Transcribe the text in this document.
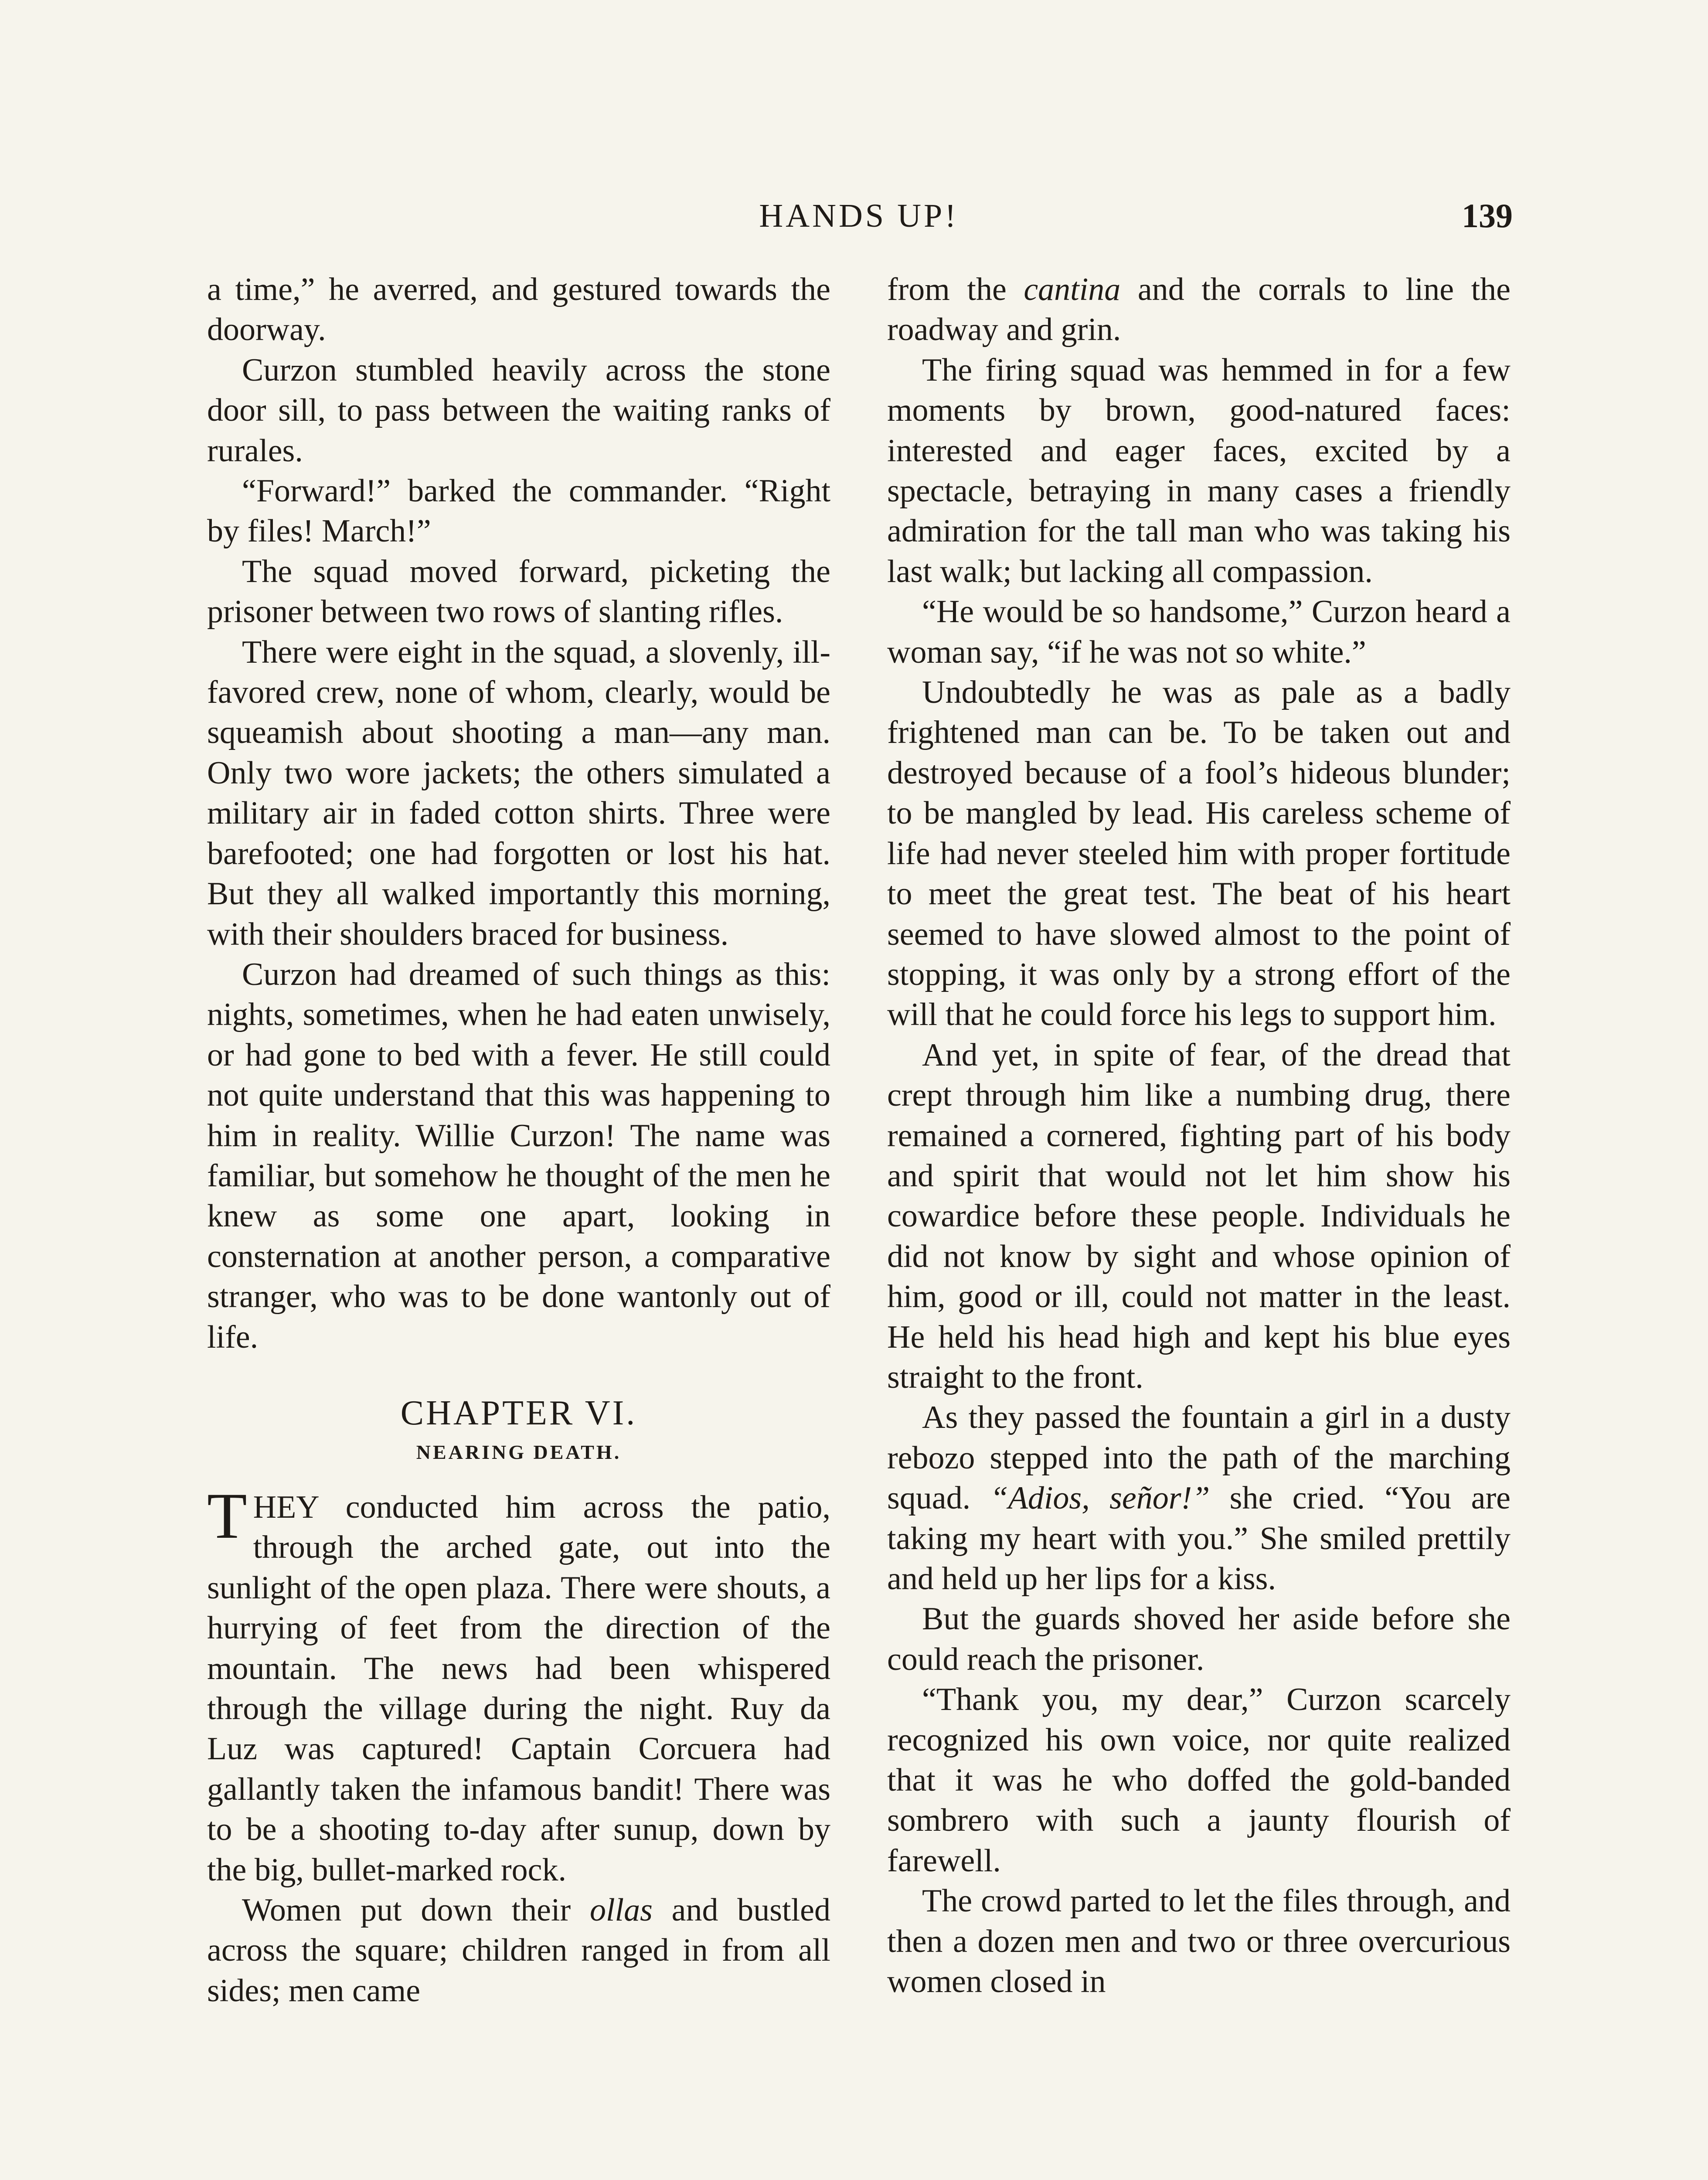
HANDS UP!	139

a time,” he averred, and gestured towards the doorway.

Curzon stumbled heavily across the stone door sill, to pass between the waiting ranks of rurales.

“Forward!” barked the commander. “Right by files! March!”

The squad moved forward, picketing the prisoner between two rows of slanting rifles.

There were eight in the squad, a slovenly, ill-favored crew, none of whom, clearly, would be squeamish about shooting a man—any man. Only two wore jackets; the others simulated a military air in faded cotton shirts. Three were barefooted; one had forgotten or lost his hat. But they all walked importantly this morning, with their shoulders braced for business.

Curzon had dreamed of such things as this: nights, sometimes, when he had eaten unwisely, or had gone to bed with a fever. He still could not quite understand that this was happening to him in reality. Willie Curzon! The name was familiar, but somehow he thought of the men he knew as some one apart, looking in consternation at another person, a comparative stranger, who was to be done wantonly out of life.

CHAPTER VI.
NEARING DEATH.

THEY conducted him across the patio, through the arched gate, out into the sunlight of the open plaza. There were shouts, a hurrying of feet from the direction of the mountain. The news had been whispered through the village during the night. Ruy da Luz was captured! Captain Corcuera had gallantly taken the infamous bandit! There was to be a shooting to-day after sunup, down by the big, bullet-marked rock.

Women put down their ollas and bustled across the square; children ranged in from all sides; men came

from the cantina and the corrals to line the roadway and grin.

The firing squad was hemmed in for a few moments by brown, good-natured faces: interested and eager faces, excited by a spectacle, betraying in many cases a friendly admiration for the tall man who was taking his last walk; but lacking all compassion.

“He would be so handsome,” Curzon heard a woman say, “if he was not so white.”

Undoubtedly he was as pale as a badly frightened man can be. To be taken out and destroyed because of a fool’s hideous blunder; to be mangled by lead. His careless scheme of life had never steeled him with proper fortitude to meet the great test. The beat of his heart seemed to have slowed almost to the point of stopping, it was only by a strong effort of the will that he could force his legs to support him.

And yet, in spite of fear, of the dread that crept through him like a numbing drug, there remained a cornered, fighting part of his body and spirit that would not let him show his cowardice before these people. Individuals he did not know by sight and whose opinion of him, good or ill, could not matter in the least. He held his head high and kept his blue eyes straight to the front.

As they passed the fountain a girl in a dusty rebozo stepped into the path of the marching squad. “Adios, señor!” she cried. “You are taking my heart with you.” She smiled prettily and held up her lips for a kiss.

But the guards shoved her aside before she could reach the prisoner.

“Thank you, my dear,” Curzon scarcely recognized his own voice, nor quite realized that it was he who doffed the gold-banded sombrero with such a jaunty flourish of farewell.

The crowd parted to let the files through, and then a dozen men and two or three overcurious women closed in
